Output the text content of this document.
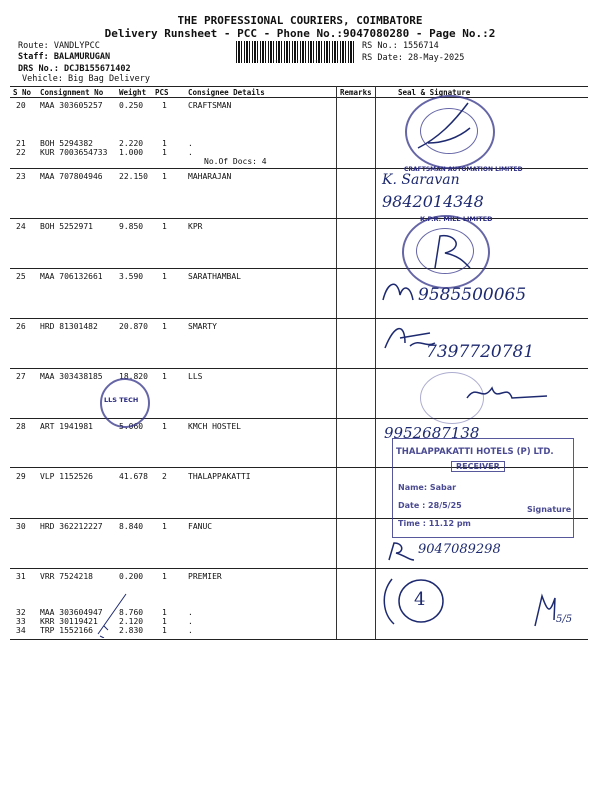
THE PROFESSIONAL COURIERS, COIMBATORE
Delivery Runsheet - PCC - Phone No.:9047080280 - Page No.:2
Route: VANDLYPCC
Staff: BALAMURUGAN
DRS No.: DCJB155671402
Vehicle: Big Bag Delivery
RS No.: 1556714
RS Date: 28-May-2025
S No Consignment No Weight PCS	Consignee Details	Remarks	Seal & Signature
20 MAA 303605257 0.250 1	CRAFTSMAN
21 BOH 5294382	2.220 1	.
22 KUR 7003654733 1.000 1	.
No.Of Docs: 4
23 MAA 707804946 22.150 1	MAHARAJAN
24 BOH 5252971	9.850 1	KPR
25 MAA 706132661 3.590 1	SARATHAMBAL
26 HRD 81301482	20.870 1	SMARTY
27 MAA 303438185 18.820 1	LLS
28 ART 1941981	5.060 1	KMCH HOSTEL
29 VLP 1152526	41.678 2	THALAPPAKATTI
30 HRD 362212227 8.840 1	FANUC
31 VRR 7524218	0.200 1	PREMIER
32 MAA 303604947 8.760 1	.
33 KRR 30119421	2.120 1	.
34 TRP 1552166	2.830 1	.
CRAFTSMAN AUTOMATION LIMITED
K. Saravan
9842014348
K.P.R. MILL LIMITED
9585500065
7397720781
LLS TECH
9952687138
THALAPPAKATTI HOTELS (P) LTD.
RECEIVER
Name: Sabar
Date : 28/5/25
Time : 11.12 pm
Signature
9047089298
4
5/5
